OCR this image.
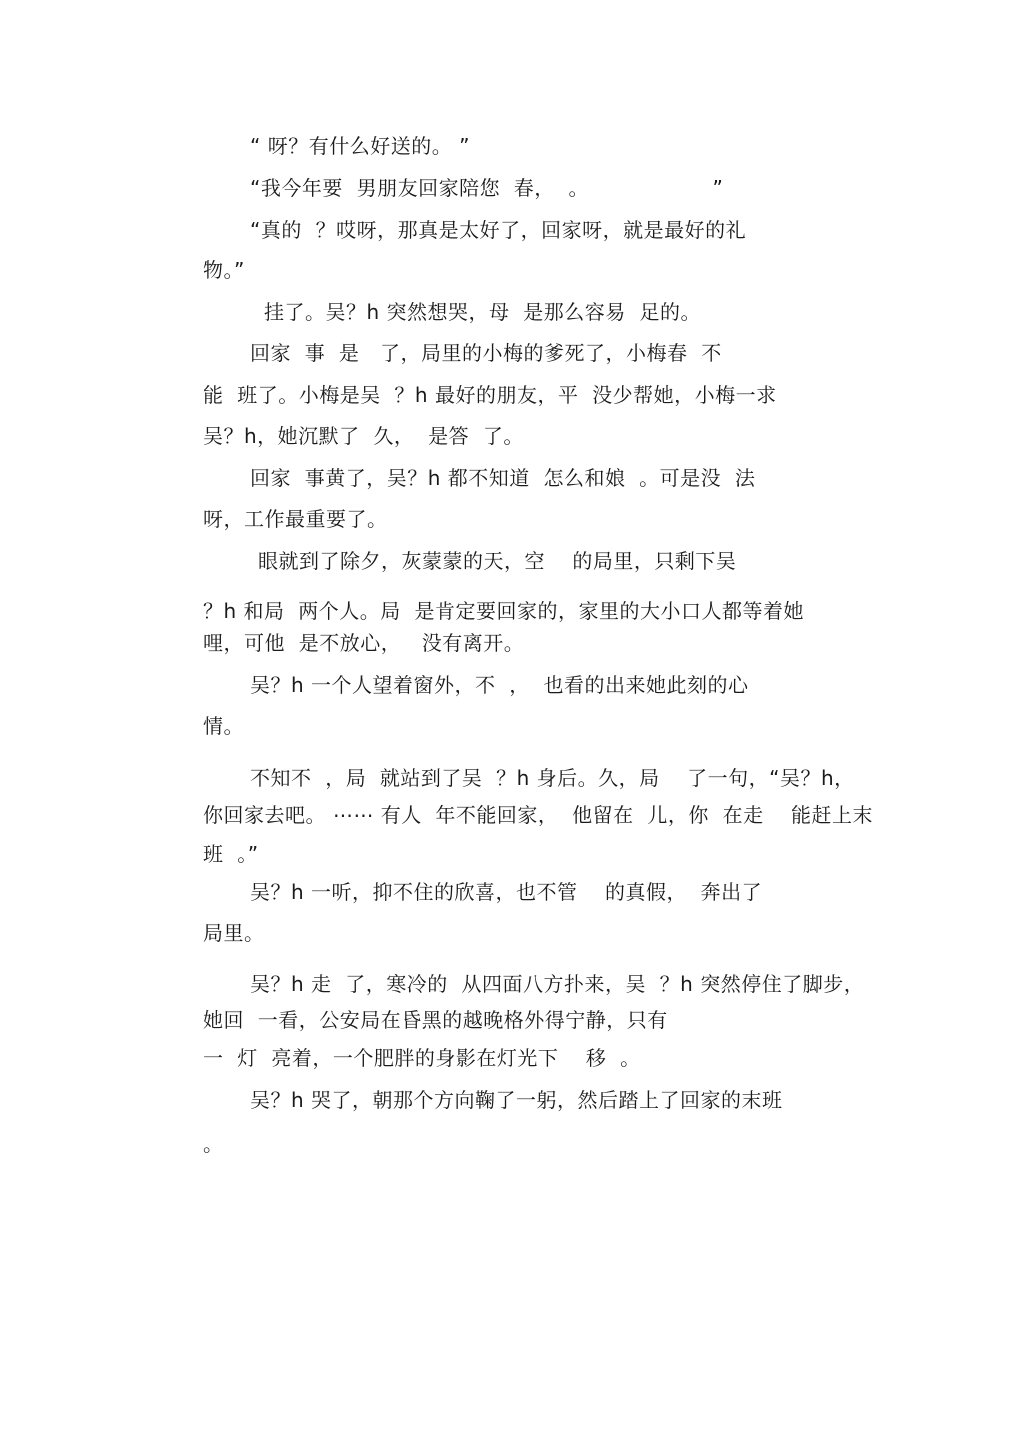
“ 呀？有什么好送的。 ”
“我今年要  男朋友回家陪您  春，  。                  ”
“真的  ？哎呀，那真是太好了，回家呀，就是最好的礼
物。”
挂了。吴？h 突然想哭，母  是那么容易  足的。
回家  事  是   了，局里的小梅的爹死了，小梅春  不
能  班了。小梅是吴  ？h 最好的朋友，平  没少帮她，小梅一求
吴？h，她沉默了  久，  是答  了。
回家  事黄了，吴？h 都不知道  怎么和娘  。可是没  法
呀，工作最重要了。
眼就到了除夕，灰蒙蒙的天，空    的局里，只剩下吴
？h 和局  两个人。局  是肯定要回家的，家里的大小口人都等着她
哩，可他  是不放心，   没有离开。
吴？h 一个人望着窗外，不  ，  也看的出来她此刻的心
情。
不知不  ，局  就站到了吴  ？h 身后。久，局    了一句，“吴？h，
你回家去吧。 ⋯⋯ 有人  年不能回家，  他留在  儿，你  在走    能赶上末
班  。”
吴？h 一听，抑不住的欣喜，也不管    的真假，  奔出了
局里。
吴？h 走  了，寒冷的  从四面八方扑来，吴  ？h 突然停住了脚步，
她回  一看，公安局在昏黑的越晚格外得宁静，只有
一  灯  亮着，一个肥胖的身影在灯光下    移  。
吴？h 哭了，朝那个方向鞠了一躬，然后踏上了回家的末班
。
